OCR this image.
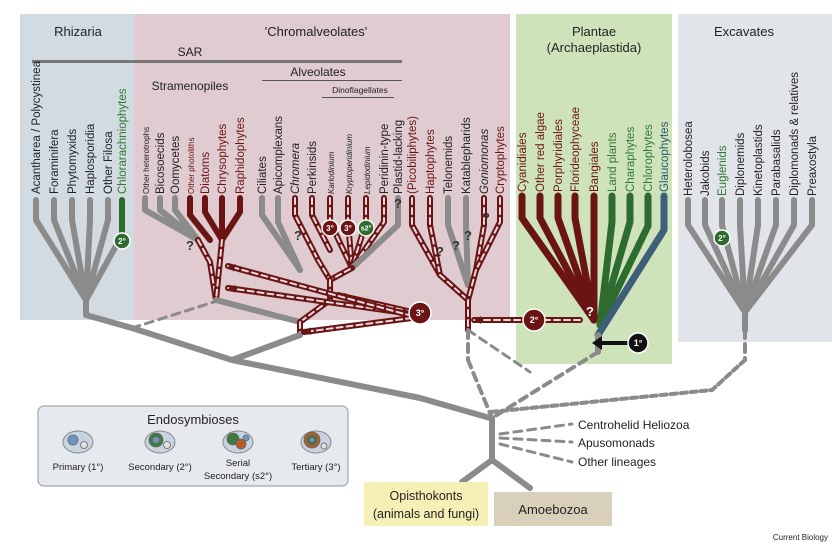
Rhizaria	'Chromalveolates'	Plantae
(Archaeplastida)
Excavates
SAR
Stramenopiles
Alveolates
Dinoflagellates
Acantharea / Polycystinea Foraminifera Phytomyxids Haplosporidia Other Filosa Chlorarachniophytes Other heterotrophs Bicosoecids Oomycetes Other photoliths Diatoms Chrysophytes Raphidophytes Ciliates Apicomplexans Chromera Perkinsids Karlodinium Kryptoperidinium Lepidodinium Peridinin-type Plastid-lacking (Picobiliphytes) Haptophytes Telonemids Katablepharids Goniomonas Cryptophytes Cyanidiales Other red algae Porphyridiales Florideophyceae Bangiales Land plants Charaphytes Chlorophytes Glaucophytes Heterolobosea Jakobids Euglenids Diplonemids Kinetoplastids Parabasalids Diplomonads & relatives Preaxostyla
1°
2°
3°
2°	2°
3° 3° s2°
?
?
?
? ?
?
?
?
Centrohelid Heliozoa
Apusomonads
Other lineages
Opisthokonts
(animals and fungi)	Amoebozoa
Endosymbioses
Primary (1°)	Secondary (2°)	Serial
Secondary (s2°)
Tertiary (3°)
Current Biology
